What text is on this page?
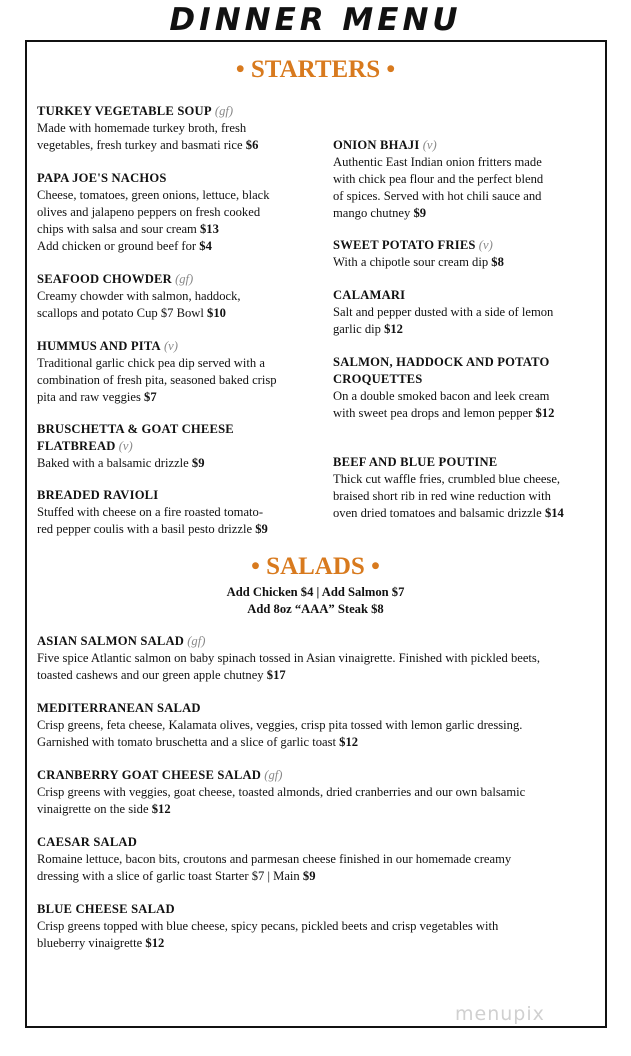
DINNER MENU
• STARTERS •
TURKEY VEGETABLE SOUP (gf)
Made with homemade turkey broth, fresh
vegetables, fresh turkey and basmati rice $6
PAPA JOE'S NACHOS
Cheese, tomatoes, green onions, lettuce, black
olives and jalapeno peppers on fresh cooked
chips with salsa and sour cream $13
Add chicken or ground beef for $4
SEAFOOD CHOWDER (gf)
Creamy chowder with salmon, haddock,
scallops and potato Cup $7 Bowl $10
HUMMUS AND PITA (v)
Traditional garlic chick pea dip served with a
combination of fresh pita, seasoned baked crisp
pita and raw veggies $7
BRUSCHETTA & GOAT CHEESE
FLATBREAD (v)
Baked with a balsamic drizzle $9
BREADED RAVIOLI
Stuffed with cheese on a fire roasted tomato-
red pepper coulis with a basil pesto drizzle $9
ONION BHAJI (v)
Authentic East Indian onion fritters made
with chick pea flour and the perfect blend
of spices. Served with hot chili sauce and
mango chutney $9
SWEET POTATO FRIES (v)
With a chipotle sour cream dip $8
CALAMARI
Salt and pepper dusted with a side of lemon
garlic dip $12
SALMON, HADDOCK AND POTATO
CROQUETTES
On a double smoked bacon and leek cream
with sweet pea drops and lemon pepper $12
BEEF AND BLUE POUTINE
Thick cut waffle fries, crumbled blue cheese,
braised short rib in red wine reduction with
oven dried tomatoes and balsamic drizzle $14
• SALADS •
Add Chicken $4 | Add Salmon $7
Add 8oz “AAA” Steak $8
ASIAN SALMON SALAD (gf)
Five spice Atlantic salmon on baby spinach tossed in Asian vinaigrette. Finished with pickled beets,
toasted cashews and our green apple chutney $17
MEDITERRANEAN SALAD
Crisp greens, feta cheese, Kalamata olives, veggies, crisp pita tossed with lemon garlic dressing.
Garnished with tomato bruschetta and a slice of garlic toast $12
CRANBERRY GOAT CHEESE SALAD (gf)
Crisp greens with veggies, goat cheese, toasted almonds, dried cranberries and our own balsamic
vinaigrette on the side $12
CAESAR SALAD
Romaine lettuce, bacon bits, croutons and parmesan cheese finished in our homemade creamy
dressing with a slice of garlic toast Starter $7 | Main $9
BLUE CHEESE SALAD
Crisp greens topped with blue cheese, spicy pecans, pickled beets and crisp vegetables with
blueberry vinaigrette $12
menupix
